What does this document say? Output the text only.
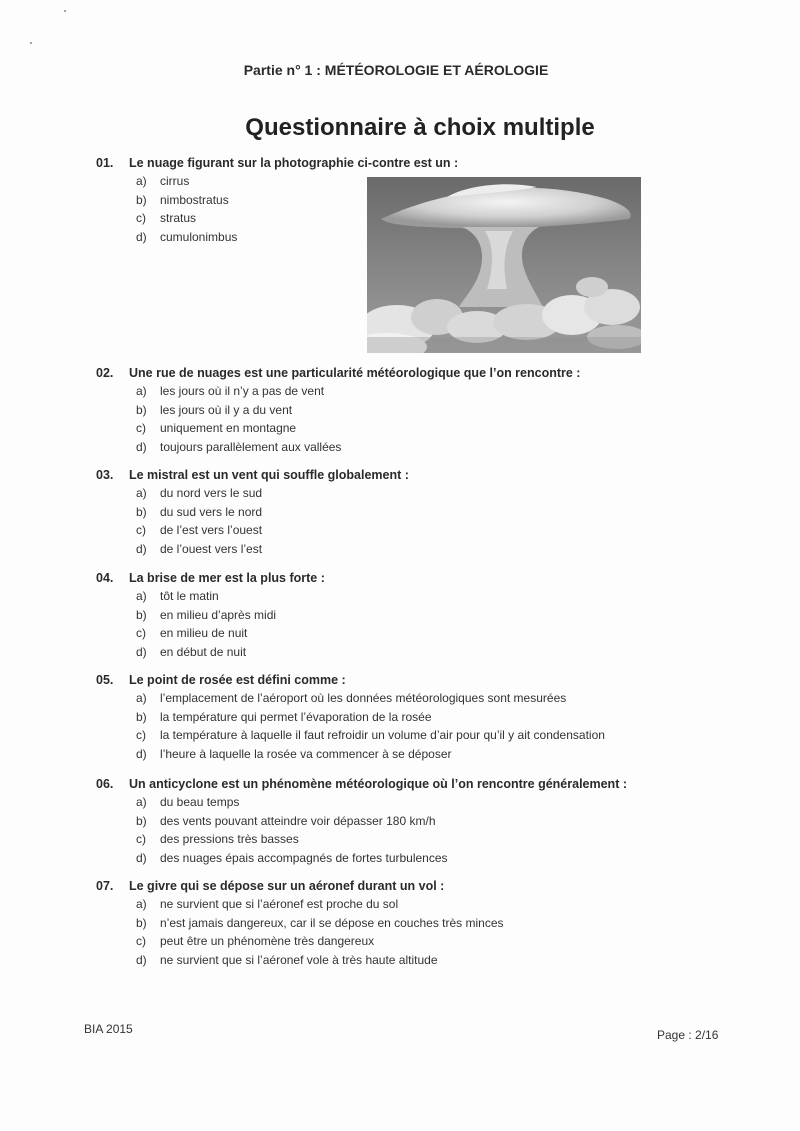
Partie n° 1 : MÉTÉOROLOGIE ET AÉROLOGIE
Questionnaire à choix multiple
01. Le nuage figurant sur la photographie ci-contre est un :
a) cirrus
b) nimbostratus
c) stratus
d) cumulonimbus
02. Une rue de nuages est une particularité météorologique que l’on rencontre :
a) les jours où il n’y a pas de vent
b) les jours où il y a du vent
c) uniquement en montagne
d) toujours parallèlement aux vallées
03. Le mistral est un vent qui souffle globalement :
a) du nord vers le sud
b) du sud vers le nord
c) de l’est vers l’ouest
d) de l’ouest vers l’est
04. La brise de mer est la plus forte :
a) tôt le matin
b) en milieu d’après midi
c) en milieu de nuit
d) en début de nuit
05. Le point de rosée est défini comme :
a) l’emplacement de l’aéroport où les données météorologiques sont mesurées
b) la température qui permet l’évaporation de la rosée
c) la température à laquelle il faut refroidir un volume d’air pour qu’il y ait condensation
d) l’heure à laquelle la rosée va commencer à se déposer
06. Un anticyclone est un phénomène météorologique où l’on rencontre généralement :
a) du beau temps
b) des vents pouvant atteindre voir dépasser 180 km/h
c) des pressions très basses
d) des nuages épais accompagnés de fortes turbulences
07. Le givre qui se dépose sur un aéronef durant un vol :
a) ne survient que si l’aéronef est proche du sol
b) n’est jamais dangereux, car il se dépose en couches très minces
c) peut être un phénomène très dangereux
d) ne survient que si l’aéronef vole à très haute altitude
BIA 2015	Page : 2/16
